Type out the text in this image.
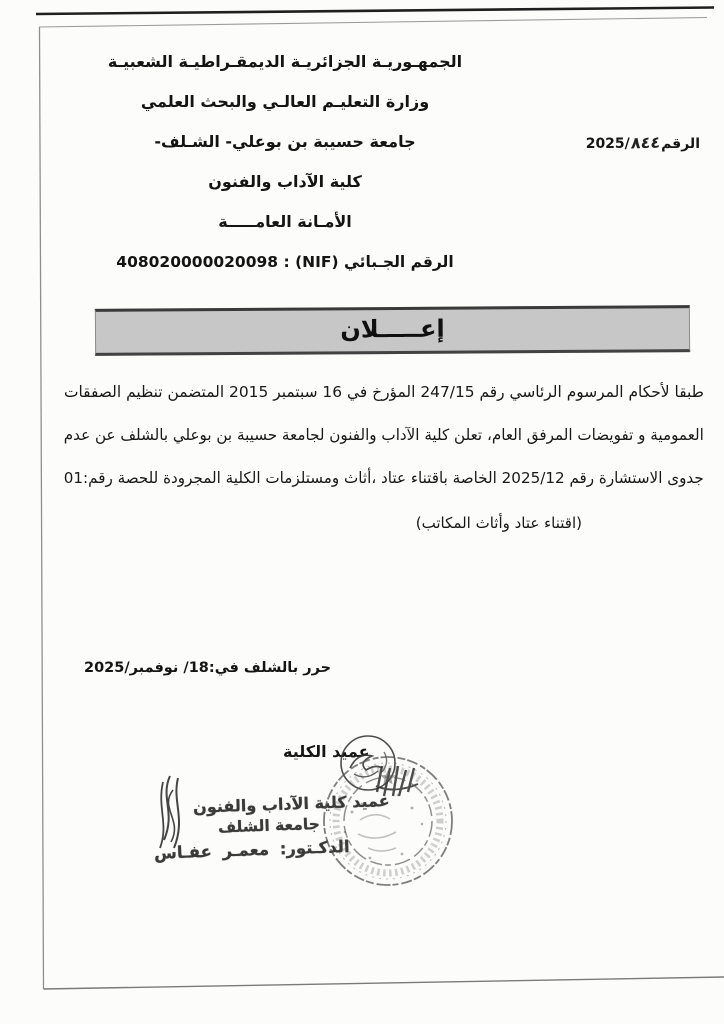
2025/ ٨٤٤ الرقم
الجمهـوريـة الجزائريـة الديمقـراطيـة الشعبيـة
وزارة التعليـم العالـي والبحث العلمي
جامعة حسيبة بن بوعلي- الشـلف-
كلية الآداب والفنون
الأمـانة العامـــــة
الرقم الجـبائي (NIF) : 408020000020098
إعـــــلان
طبقا لأحكام المرسوم الرئاسي رقم 247/15 المؤرخ في 16 سبتمبر 2015 المتضمن تنظيم الصفقات
العمومية و تفويضات المرفق العام، تعلن كلية الآداب والفنون لجامعة حسيبة بن بوعلي بالشلف عن عدم
جدوى الاستشارة رقم 2025/12 الخاصة باقتناء عتاد ،أثاث ومستلزمات الكلية المجرودة للحصة رقم:01
(اقتناء عتاد وأثاث المكاتب)
حرر بالشلف في:18/ نوفمبر/2025
عميد الكلية
عميد كلية الآداب والفنون
جامعة الشلف
الدكـتور: معمـر عفـاس
